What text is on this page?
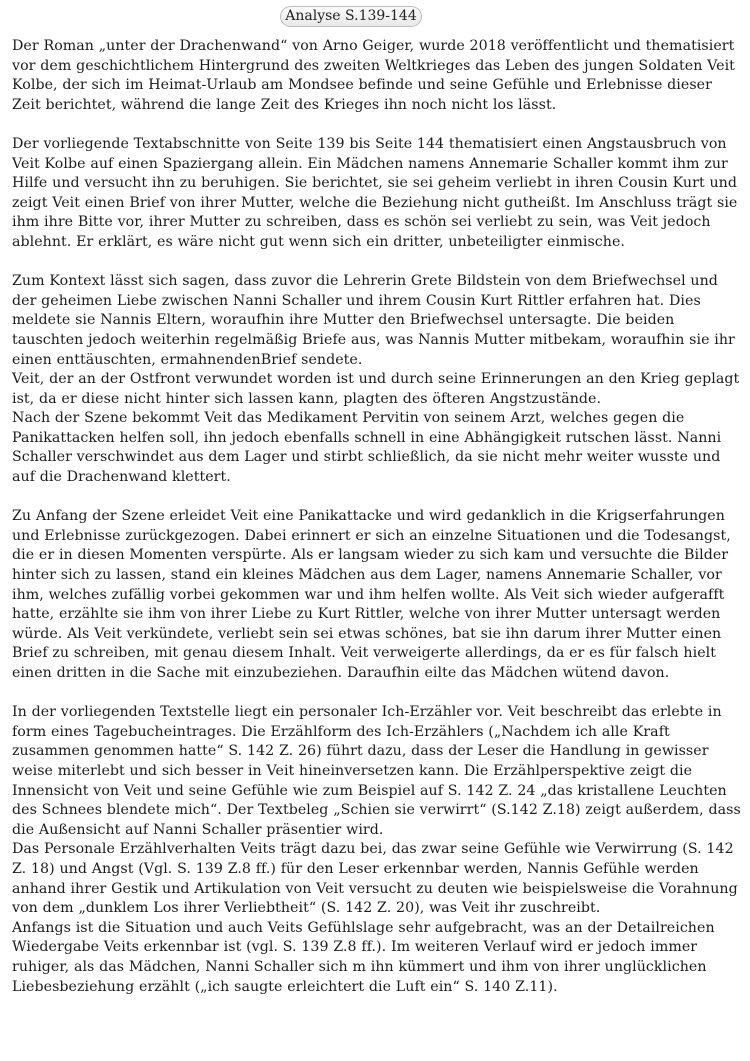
Analyse S.139-144

Der Roman „unter der Drachenwand“ von Arno Geiger, wurde 2018 veröffentlicht und thematisiert vor dem geschichtlichem Hintergrund des zweiten Weltkrieges das Leben des jungen Soldaten Veit Kolbe, der sich im Heimat-Urlaub am Mondsee befinde und seine Gefühle und Erlebnisse dieser Zeit berichtet, während die lange Zeit des Krieges ihn noch nicht los lässt.

Der vorliegende Textabschnitte von Seite 139 bis Seite 144 thematisiert einen Angstausbruch von Veit Kolbe auf einen Spaziergang allein. Ein Mädchen namens Annemarie Schaller kommt ihm zur Hilfe und versucht ihn zu beruhigen. Sie berichtet, sie sei geheim verliebt in ihren Cousin Kurt und zeigt Veit einen Brief von ihrer Mutter, welche die Beziehung nicht gutheißt. Im Anschluss trägt sie ihm ihre Bitte vor, ihrer Mutter zu schreiben, dass es schön sei verliebt zu sein, was Veit jedoch ablehnt. Er erklärt, es wäre nicht gut wenn sich ein dritter, unbeteiligter einmische.

Zum Kontext lässt sich sagen, dass zuvor die Lehrerin Grete Bildstein von dem Briefwechsel und der geheimen Liebe zwischen Nanni Schaller und ihrem Cousin Kurt Rittler erfahren hat. Dies meldete sie Nannis Eltern, woraufhin ihre Mutter den Briefwechsel untersagte. Die beiden tauschten jedoch weiterhin regelmäßig Briefe aus, was Nannis Mutter mitbekam, woraufhin sie ihr einen enttäuschten, ermahnendenBrief sendete.

Veit, der an der Ostfront verwundet worden ist und durch seine Erinnerungen an den Krieg geplagt ist, da er diese nicht hinter sich lassen kann, plagten des öfteren Angstzustände.

Nach der Szene bekommt Veit das Medikament Pervitin von seinem Arzt, welches gegen die Panikattacken helfen soll, ihn jedoch ebenfalls schnell in eine Abhängigkeit rutschen lässt. Nanni Schaller verschwindet aus dem Lager und stirbt schließlich, da sie nicht mehr weiter wusste und auf die Drachenwand klettert.

Zu Anfang der Szene erleidet Veit eine Panikattacke und wird gedanklich in die Krigserfahrungen und Erlebnisse zurückgezogen. Dabei erinnert er sich an einzelne Situationen und die Todesangst, die er in diesen Momenten verspürte. Als er langsam wieder zu sich kam und versuchte die Bilder hinter sich zu lassen, stand ein kleines Mädchen aus dem Lager, namens Annemarie Schaller, vor ihm, welches zufällig vorbei gekommen war und ihm helfen wollte. Als Veit sich wieder aufgerafft hatte, erzählte sie ihm von ihrer Liebe zu Kurt Rittler, welche von ihrer Mutter untersagt werden würde. Als Veit verkündete, verliebt sein sei etwas schönes, bat sie ihn darum ihrer Mutter einen Brief zu schreiben, mit genau diesem Inhalt. Veit verweigerte allerdings, da er es für falsch hielt einen dritten in die Sache mit einzubeziehen. Daraufhin eilte das Mädchen wütend davon.

In der vorliegenden Textstelle liegt ein personaler Ich-Erzähler vor. Veit beschreibt das erlebte in form eines Tagebucheintrages. Die Erzählform des Ich-Erzählers („Nachdem ich alle Kraft zusammen genommen hatte“ S. 142 Z. 26) führt dazu, dass der Leser die Handlung in gewisser weise miterlebt und sich besser in Veit hineinversetzen kann. Die Erzählperspektive zeigt die Innensicht von Veit und seine Gefühle wie zum Beispiel auf S. 142 Z. 24 „das kristallene Leuchten des Schnees blendete mich“. Der Textbeleg „Schien sie verwirrt“ (S.142 Z.18) zeigt außerdem, dass die Außensicht auf Nanni Schaller präsentier wird.

Das Personale Erzählverhalten Veits trägt dazu bei, das zwar seine Gefühle wie Verwirrung (S. 142 Z. 18) und Angst (Vgl. S. 139 Z.8 ff.) für den Leser erkennbar werden, Nannis Gefühle werden anhand ihrer Gestik und Artikulation von Veit versucht zu deuten wie beispielsweise die Vorahnung von dem „dunklem Los ihrer Verliebtheit“ (S. 142 Z. 20), was Veit ihr zuschreibt.

Anfangs ist die Situation und auch Veits Gefühlslage sehr aufgebracht, was an der Detailreichen Wiedergabe Veits erkennbar ist (vgl. S. 139 Z.8 ff.). Im weiteren Verlauf wird er jedoch immer ruhiger, als das Mädchen, Nanni Schaller sich m ihn kümmert und ihm von ihrer unglücklichen Liebesbeziehung erzählt („ich saugte erleichtert die Luft ein“ S. 140 Z.11).
